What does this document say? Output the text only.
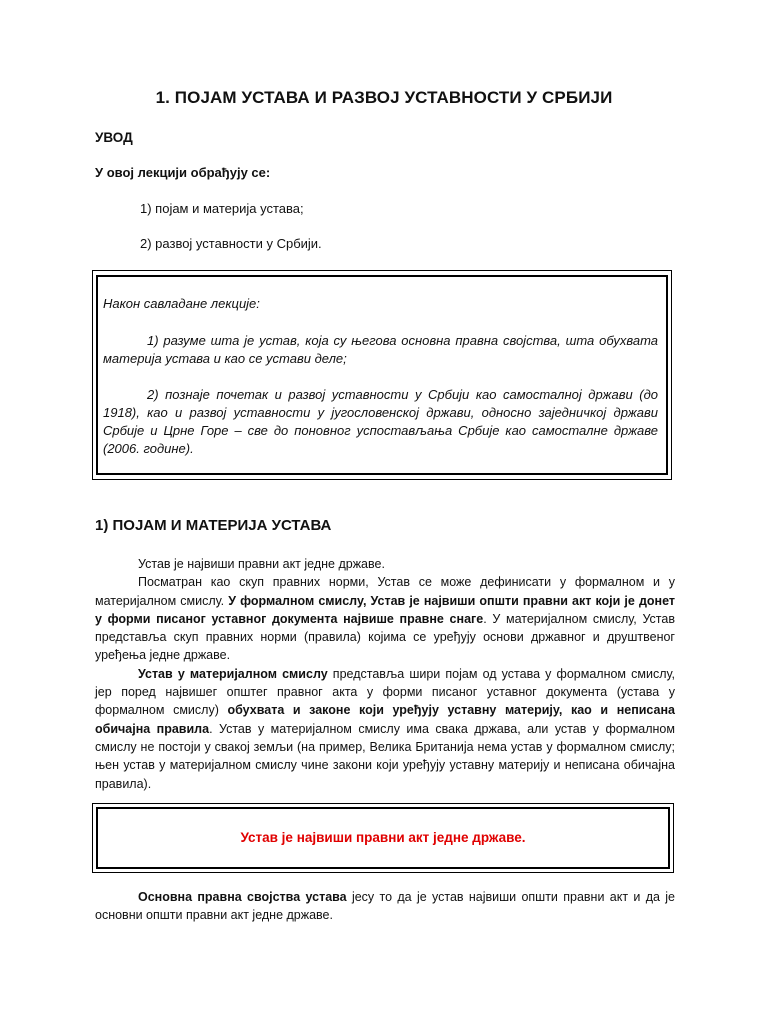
1. ПОЈАМ УСТАВА И РАЗВОЈ УСТАВНОСТИ У СРБИЈИ
УВОД
У овој лекцији обрађују се:
1) појам и материја устава;
2) развој уставности у Србији.
Након савладане лекције:
1) разуме шта је устав, која су његова основна правна својства, шта обухвата материја устава и као се устави деле;
2) познаје почетак и развој уставности у Србији као самосталној држави (до 1918), као и развој уставности у југословенској држави, односно заједничкој држави Србије и Црне Горе – све до поновног успостављања Србије као самосталне државе (2006. године).
1) ПОЈАМ И МАТЕРИЈА УСТАВА

Устав је највиши правни акт једне државе.

Посматран као скуп правних норми, Устав се може дефинисати у формалном и у материјалном смислу. У формалном смислу, Устав је највиши општи правни акт који је донет у форми писаног уставног документа највише правне снаге. У материјалном смислу, Устав представља скуп правних норми (правила) којима се уређују основи државног и друштвеног уређења једне државе.

Устав у материјалном смислу представља шири појам од устава у формалном смислу, јер поред највишег општег правног акта у форми писаног уставног документа (устава у формалном смислу) обухвата и законе који уређују уставну материју, као и неписана обичајна правила. Устав у материјалном смислу има свака држава, али устав у формалном смислу не постоји у свакој земљи (на пример, Велика Британија нема устав у формалном смислу; њен устав у материјалном смислу чине закони који уређују уставну материју и неписана обичајна правила).

Устав је највиши правни акт једне државе.

Основна правна својства устава јесу то да је устав највиши општи правни акт и да је основни општи правни акт једне државе.
